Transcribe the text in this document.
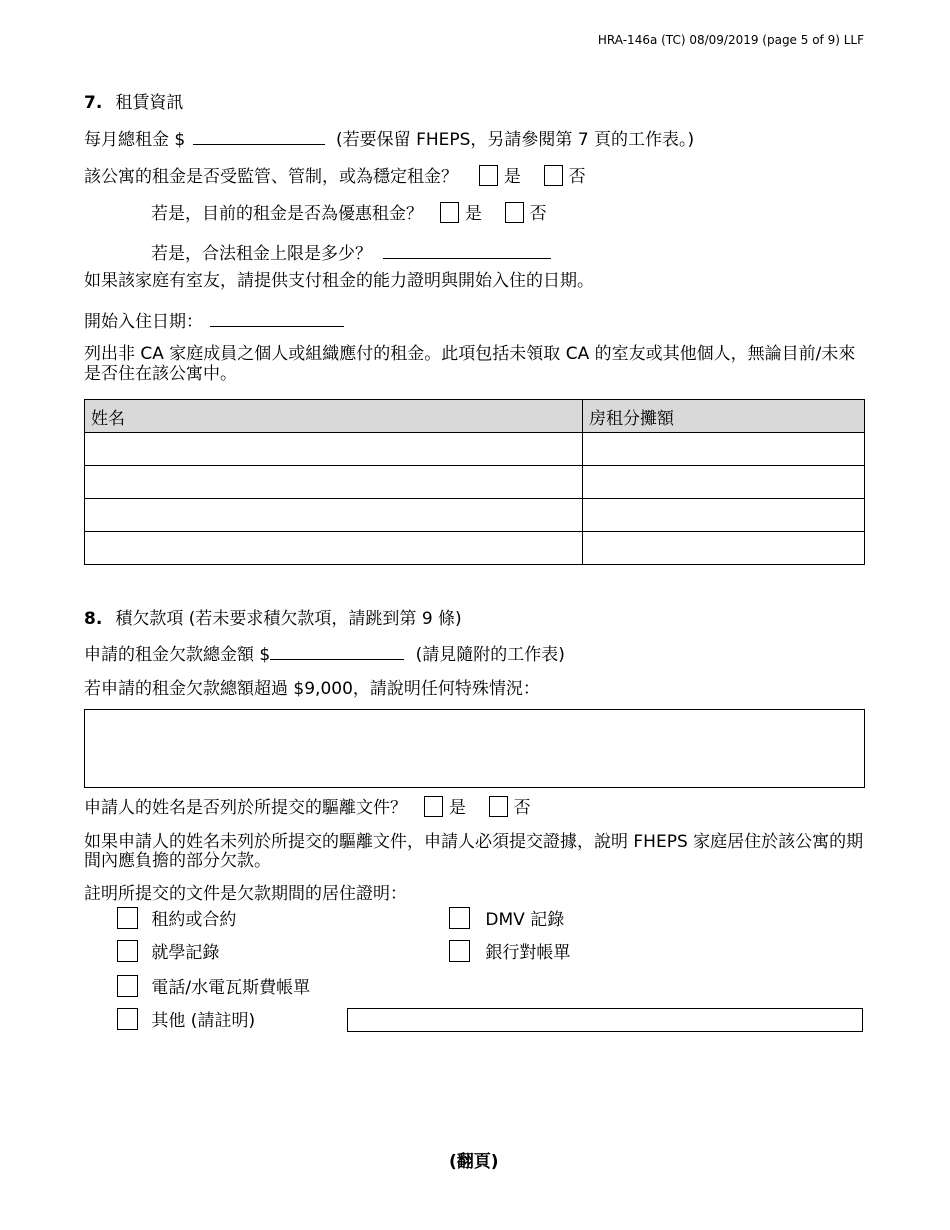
HRA-146a (TC) 08/09/2019 (page 5 of 9) LLF
7. 租賃資訊
每月總租金 $	(若要保留 FHEPS，另請參閱第 7 頁的工作表。)
該公寓的租金是否受監管、管制，或為穩定租金？	是	否
若是，目前的租金是否為優惠租金？ 是	否
若是，合法租金上限是多少？
如果該家庭有室友，請提供支付租金的能力證明與開始入住的日期。
開始入住日期：
列出非 CA 家庭成員之個人或組織應付的租金。此項包括未領取 CA 的室友或其他個人，無論目前/未來是否住在該公寓中。
姓名	房租分攤額

8. 積欠款項 (若未要求積欠款項，請跳到第 9 條)
申請的租金欠款總金額 $	(請見隨附的工作表)
若申請的租金欠款總額超過 $9,000，請說明任何特殊情況：
申請人的姓名是否列於所提交的驅離文件？ 是	否
如果申請人的姓名未列於所提交的驅離文件，申請人必須提交證據，說明 FHEPS 家庭居住於該公寓的期間內應負擔的部分欠款。
註明所提交的文件是欠款期間的居住證明：
租約或合約
就學記錄
電話/水電瓦斯費帳單
其他 (請註明)
DMV 記錄
銀行對帳單
(翻頁)
